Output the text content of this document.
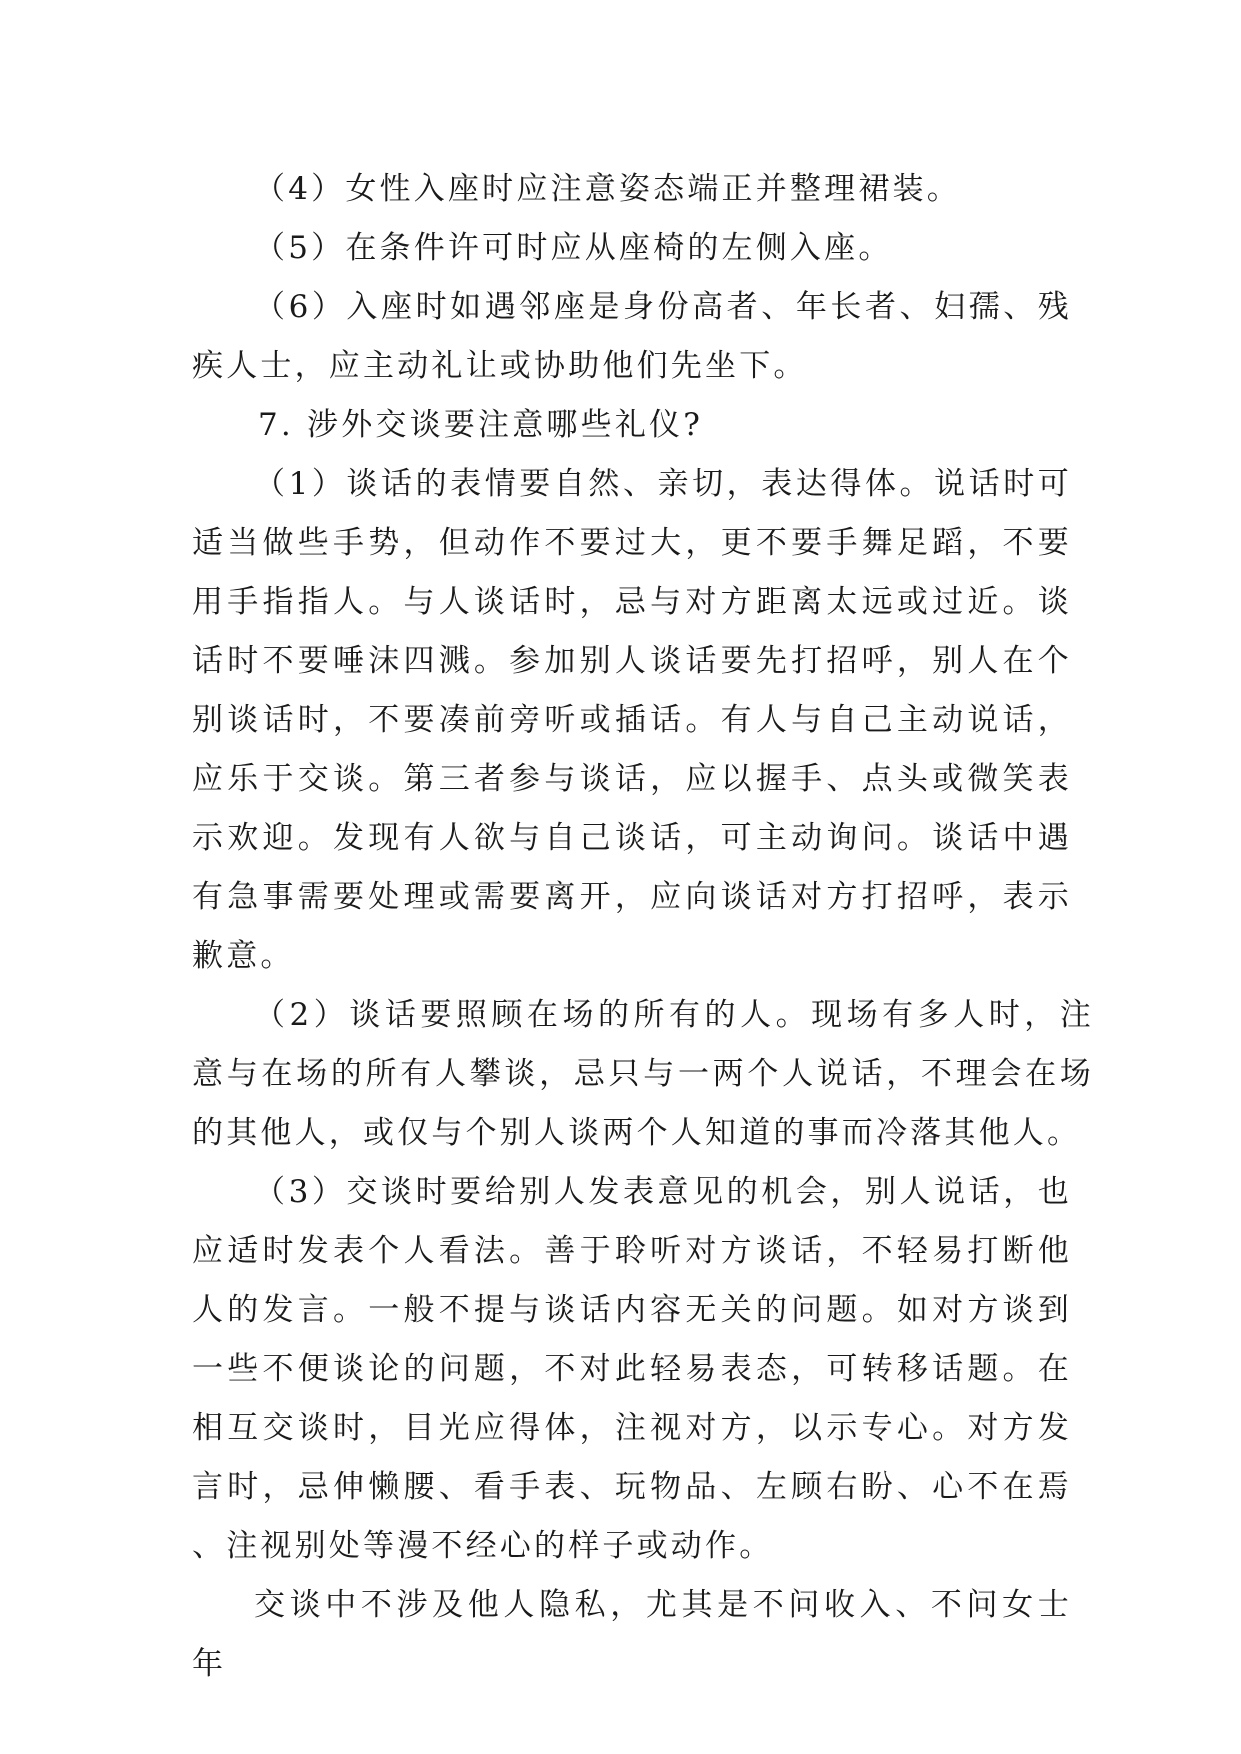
（4）女性入座时应注意姿态端正并整理裙装。

（5）在条件许可时应从座椅的左侧入座。

（6）入座时如遇邻座是身份高者、年长者、妇孺、残疾人士，应主动礼让或协助他们先坐下。

7. 涉外交谈要注意哪些礼仪?

（1）谈话的表情要自然、亲切，表达得体。说话时可适当做些手势，但动作不要过大，更不要手舞足蹈，不要用手指指人。与人谈话时，忌与对方距离太远或过近。谈话时不要唾沫四溅。参加别人谈话要先打招呼，别人在个别谈话时，不要凑前旁听或插话。有人与自己主动说话，应乐于交谈。第三者参与谈话，应以握手、点头或微笑表示欢迎。发现有人欲与自己谈话，可主动询问。谈话中遇有急事需要处理或需要离开，应向谈话对方打招呼，表示歉意。

（2）谈话要照顾在场的所有的人。现场有多人时，注意与在场的所有人攀谈，忌只与一两个人说话，不理会在场的其他人，或仅与个别人谈两个人知道的事而冷落其他人。

（3）交谈时要给别人发表意见的机会，别人说话，也应适时发表个人看法。善于聆听对方谈话，不轻易打断他人的发言。一般不提与谈话内容无关的问题。如对方谈到一些不便谈论的问题，不对此轻易表态，可转移话题。在相互交谈时，目光应得体，注视对方，以示专心。对方发言时，忌伸懒腰、看手表、玩物品、左顾右盼、心不在焉、注视别处等漫不经心的样子或动作。

交谈中不涉及他人隐私，尤其是不问收入、不问女士年
